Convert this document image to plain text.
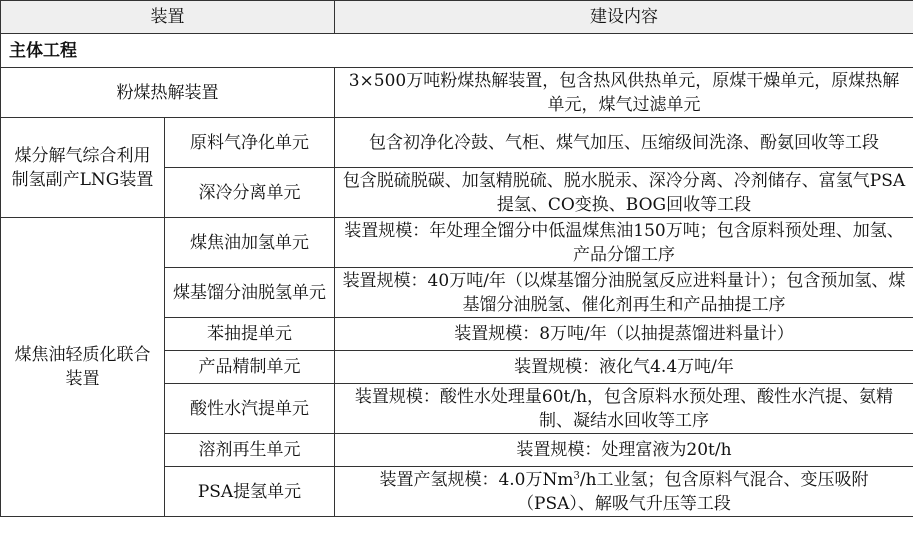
装置		建设内容
主体工程		
粉煤热解装置		3×500万吨粉煤热解装置，包含热风供热单元，原煤干燥单元，原煤热解单元，煤气过滤单元
煤分解气综合利用制氢副产LNG装置	原料气净化单元	包含初净化冷鼓、气柜、煤气加压、压缩级间洗涤、酚氨回收等工段
	深冷分离单元	包含脱硫脱碳、加氢精脱硫、脱水脱汞、深冷分离、冷剂储存、富氢气PSA提氢、CO变换、BOG回收等工段
煤焦油轻质化联合装置	煤焦油加氢单元	装置规模：年处理全馏分中低温煤焦油150万吨；包含原料预处理、加氢、产品分馏工序
	煤基馏分油脱氢单元	装置规模：40万吨/年（以煤基馏分油脱氢反应进料量计）；包含预加氢、煤基馏分油脱氢、催化剂再生和产品抽提工序
	苯抽提单元	装置规模：8万吨/年（以抽提蒸馏进料量计）
	产品精制单元	装置规模：液化气4.4万吨/年
	酸性水汽提单元	装置规模：酸性水处理量60t/h，包含原料水预处理、酸性水汽提、氨精制、凝结水回收等工序
	溶剂再生单元	装置规模：处理富液为20t/h
	PSA提氢单元	装置产氢规模：4.0万Nm$^3$/h工业氢；包含原料气混合、变压吸附（PSA）、解吸气升压等工段
